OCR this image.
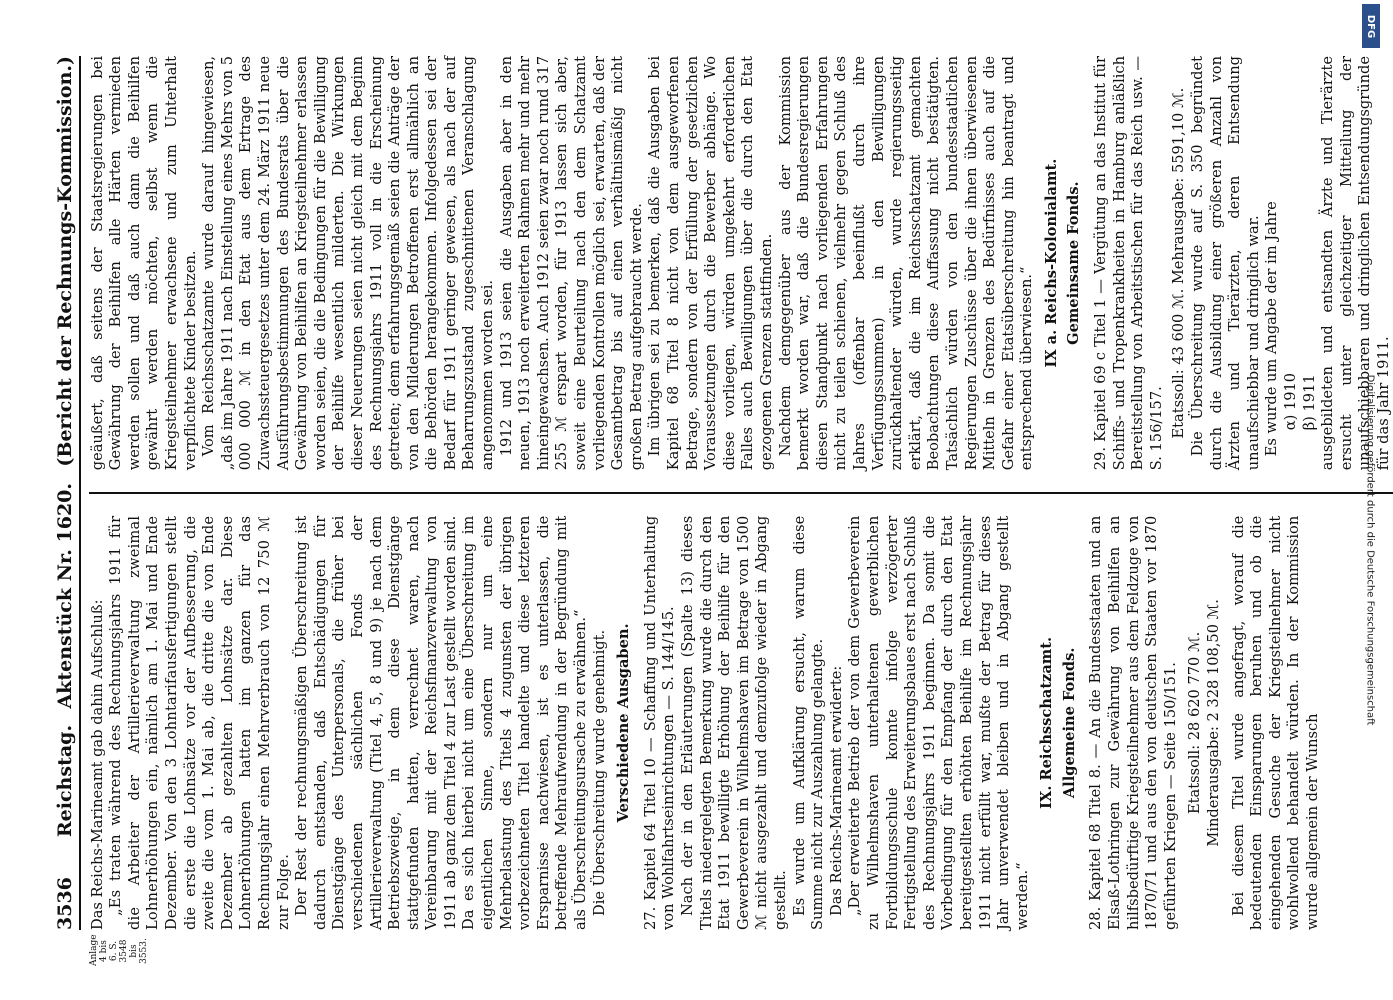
3536
Reichstag.
Aktenstück Nr. 1620.
(Bericht der Rechnungs-Kommission.)
Anlage 4 bis 6. S. 3548 bis 3553.

Das Reichs-Marineamt gab dahin Aufschluß: „Es traten während des Rechnungsjahrs 1911 für die Arbeiter der Artillerieverwaltung zweimal Lohnerhöhungen ein, nämlich am 1. Mai und Ende Dezember. Von den 3 Lohntarifausfertigungen stellt die erste die Lohnsätze vor der Aufbesserung, die zweite die vom 1. Mai ab, die dritte die von Ende Dezember ab gezahlten Lohnsätze dar. Diese Lohnerhöhungen hatten im ganzen für das Rechnungsjahr einen Mehrverbrauch von 12 750 ℳ zur Folge. Der Rest der rechnungsmäßigen Überschreitung ist dadurch entstanden, daß Entschädigungen für Dienstgänge des Unterpersonals, die früher bei verschiedenen sächlichen Fonds der Artillerieverwaltung (Titel 4, 5, 8 und 9) je nach dem Betriebszweige, in dem diese Dienstgänge stattgefunden hatten, verrechnet waren, nach Vereinbarung mit der Reichsfinanzverwaltung von 1911 ab ganz dem Titel 4 zur Last gestellt worden sind. Da es sich hierbei nicht um eine Überschreitung im eigentlichen Sinne, sondern nur um eine Mehrbelastung des Titels 4 zugunsten der übrigen vorbezeichneten Titel handelte und diese letzteren Ersparnisse nachwiesen, ist es unterlassen, die betreffende Mehraufwendung in der Begründung mit als Überschreitungsursache zu erwähnen.“ Die Überschreitung wurde genehmigt. Verschiedene Ausgaben. 27. Kapitel 64 Titel 10 — Schaffung und Unterhaltung von Wohlfahrtseinrichtungen — S. 144/145. Nach der in den Erläuterungen (Spalte 13) dieses Titels niedergelegten Bemerkung wurde die durch den Etat 1911 bewilligte Erhöhung der Beihilfe für den Gewerbeverein in Wilhelmshaven im Betrage von 1500 ℳ nicht ausgezahlt und demzufolge wieder in Abgang gestellt. Es wurde um Aufklärung ersucht, warum diese Summe nicht zur Auszahlung gelangte. Das Reichs-Marineamt erwiderte: „Der erweiterte Betrieb der von dem Gewerbeverein zu Wilhelmshaven unterhaltenen gewerblichen Fortbildungsschule konnte infolge verzögerter Fertigstellung des Erweiterungsbaues erst nach Schluß des Rechnungsjahrs 1911 beginnen. Da somit die Vorbedingung für den Empfang der durch den Etat bereitgestellten erhöhten Beihilfe im Rechnungsjahr 1911 nicht erfüllt war, mußte der Betrag für dieses Jahr unverwendet bleiben und in Abgang gestellt werden.“

IX. Reichsschatzamt. Allgemeine Fonds. 28. Kapitel 68 Titel 8. — An die Bundesstaaten und an Elsaß-Lothringen zur Gewährung von Beihilfen an hilfsbedürftige Kriegsteilnehmer aus dem Feldzuge von 1870/71 und aus den von deutschen Staaten vor 1870 geführten Kriegen — Seite 150/151. Etatssoll: 28 620 770 ℳ. Minderausgabe: 2 328 108,50 ℳ. Bei diesem Titel wurde angefragt, worauf die bedeutenden Einsparungen beruhen und ob die eingehenden Gesuche der Kriegsteilnehmer nicht wohlwollend behandelt würden. In der Kommission wurde allgemein der Wunsch

geäußert, daß seitens der Staatsregierungen bei Gewährung der Beihilfen alle Härten vermieden werden sollen und daß auch dann die Beihilfen gewährt werden möchten, selbst wenn die Kriegsteilnehmer erwachsene und zum Unterhalt verpflichtete Kinder besitzen. Vom Reichsschatzamte wurde darauf hingewiesen, „daß im Jahre 1911 nach Einstellung eines Mehrs von 5 000 000 ℳ in den Etat aus dem Ertrage des Zuwachssteuergesetzes unter dem 24. März 1911 neue Ausführungsbestimmungen des Bundesrats über die Gewährung von Beihilfen an Kriegsteilnehmer erlassen worden seien, die die Bedingungen für die Bewilligung der Beihilfe wesentlich milderten. Die Wirkungen dieser Neuerungen seien nicht gleich mit dem Beginn des Rechnungsjahrs 1911 voll in die Erscheinung getreten; denn erfahrungsgemäß seien die Anträge der von den Milderungen Betroffenen erst allmählich an die Behörden herangekommen. Infolgedessen sei der Bedarf für 1911 geringer gewesen, als nach der auf Beharrungszustand zugeschnittenen Veranschlagung angenommen worden sei. 1912 und 1913 seien die Ausgaben aber in den neuen, 1913 noch erweiterten Rahmen mehr und mehr hineingewachsen. Auch 1912 seien zwar noch rund 317 255 ℳ erspart worden, für 1913 lassen sich aber, soweit eine Beurteilung nach den dem Schatzamt vorliegenden Kontrollen möglich sei, erwarten, daß der Gesamtbetrag bis auf einen verhältnismäßig nicht großen Betrag aufgebraucht werde. Im übrigen sei zu bemerken, daß die Ausgaben bei Kapitel 68 Titel 8 nicht von dem ausgeworfenen Betrage, sondern von der Erfüllung der gesetzlichen Voraussetzungen durch die Bewerber abhänge. Wo diese vorliegen, würden umgekehrt erforderlichen Falles auch Bewilligungen über die durch den Etat gezogenen Grenzen stattfinden. Nachdem demgegenüber aus der Kommission bemerkt worden war, daß die Bundesregierungen diesen Standpunkt nach vorliegenden Erfahrungen nicht zu teilen schienen, vielmehr gegen Schluß des Jahres (offenbar beeinflußt durch ihre Verfügungssummen) in den Bewilligungen zurückhaltender würden, wurde regierungsseitig erklärt, daß die im Reichsschatzamt gemachten Beobachtungen diese Auffassung nicht bestätigten. Tatsächlich würden von den bundesstaatlichen Regierungen Zuschüsse über die ihnen überwiesenen Mitteln in Grenzen des Bedürfnisses auch auf die Gefahr einer Etatsüberschreitung hin beantragt und entsprechend überwiesen.“

IX a. Reichs-Kolonialamt. Gemeinsame Fonds. 29. Kapitel 69 c Titel 1 — Vergütung an das Institut für Schiffs- und Tropenkrankheiten in Hamburg anläßlich Bereitstellung von Arbeitstischen für das Reich usw. — S. 156/157. Etatssoll: 43 600 ℳ. Mehrausgabe: 5591,10 ℳ. Die Überschreitung wurde auf S. 350 begründet durch die Ausbildung einer größeren Anzahl von Ärzten und Tierärzten, deren Entsendung unaufschiebbar und dringlich war. Es wurde um Angabe der im Jahre α) 1910 β) 1911 ausgebildeten und entsandten Ärzte und Tierärzte ersucht unter gleichzeitiger Mitteilung der unaufschiebbaren und dringlichen Entsendungsgründe für das Jahr 1911.

DFG
Digitalisierung gefördert durch die Deutsche Forschungsgemeinschaft
